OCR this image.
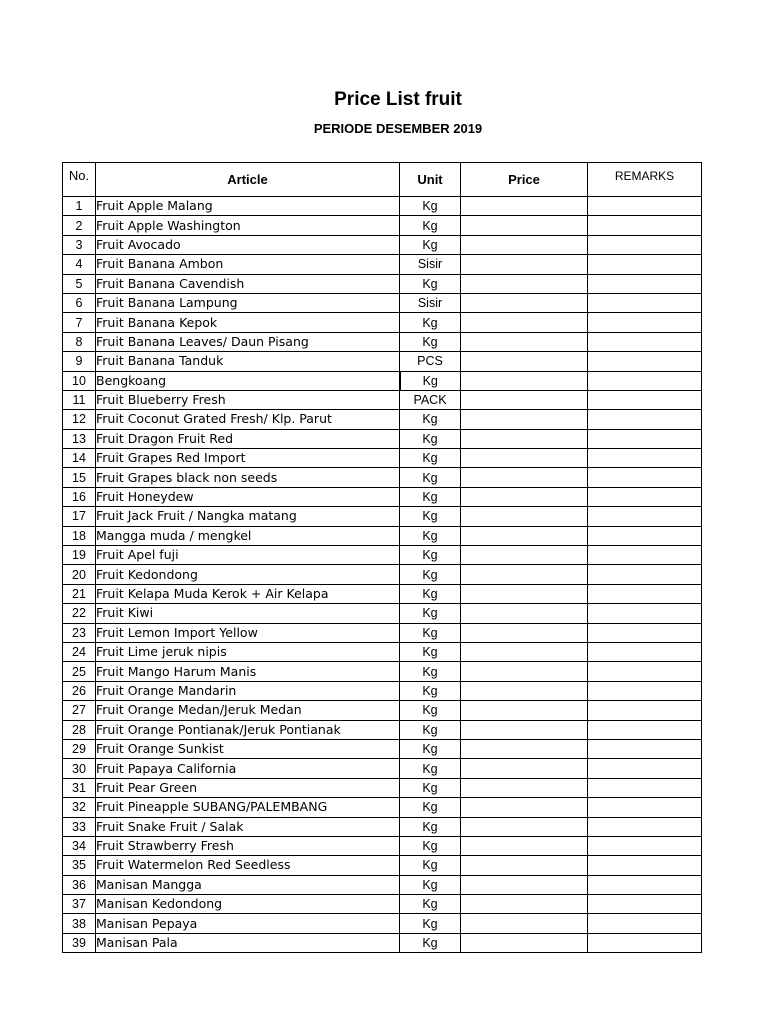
Price List fruit
PERIODE DESEMBER 2019
No.	Article	Unit	Price	REMARKS
1	Fruit Apple Malang	Kg		
2	Fruit Apple Washington	Kg		
3	Fruit Avocado	Kg		
4	Fruit Banana Ambon	Sisir		
5	Fruit Banana Cavendish	Kg		
6	Fruit Banana Lampung	Sisir		
7	Fruit Banana Kepok	Kg		
8	Fruit Banana Leaves/ Daun Pisang	Kg		
9	Fruit Banana Tanduk	PCS		
10	Bengkoang	Kg		
11	Fruit Blueberry Fresh	PACK		
12	Fruit Coconut Grated Fresh/ Klp. Parut	Kg		
13	Fruit Dragon Fruit Red	Kg		
14	Fruit Grapes Red Import	Kg		
15	Fruit Grapes black non seeds	Kg		
16	Fruit Honeydew	Kg		
17	Fruit Jack Fruit / Nangka matang	Kg		
18	Mangga muda / mengkel	Kg		
19	Fruit Apel fuji	Kg		
20	Fruit Kedondong	Kg		
21	Fruit Kelapa Muda Kerok + Air Kelapa	Kg		
22	Fruit Kiwi	Kg		
23	Fruit Lemon Import Yellow	Kg		
24	Fruit Lime jeruk nipis	Kg		
25	Fruit Mango Harum Manis	Kg		
26	Fruit Orange Mandarin	Kg		
27	Fruit Orange Medan/Jeruk Medan	Kg		
28	Fruit Orange Pontianak/Jeruk Pontianak	Kg		
29	Fruit Orange Sunkist	Kg		
30	Fruit Papaya California	Kg		
31	Fruit Pear Green	Kg		
32	Fruit Pineapple SUBANG/PALEMBANG	Kg		
33	Fruit Snake Fruit / Salak	Kg		
34	Fruit Strawberry Fresh	Kg		
35	Fruit Watermelon Red Seedless	Kg		
36	Manisan Mangga	Kg		
37	Manisan Kedondong	Kg		
38	Manisan Pepaya	Kg		
39	Manisan Pala	Kg		
